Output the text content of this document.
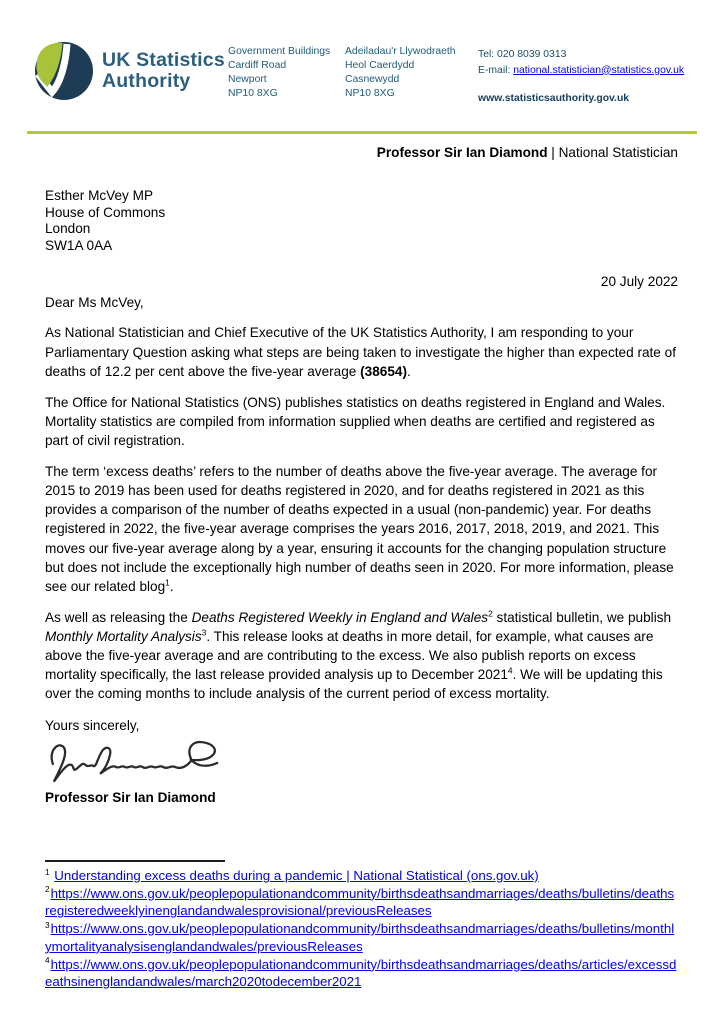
UK Statistics
Authority
Government Buildings
Cardiff Road
Newport
NP10 8XG
Adeiladau'r Llywodraeth
Heol Caerdydd
Casnewydd
NP10 8XG
Tel: 020 8039 0313
E-mail: national.statistician@statistics.gov.uk
www.statisticsauthority.gov.uk
Professor Sir Ian Diamond | National Statistician
Esther McVey MP
House of Commons
London
SW1A 0AA
20 July 2022
Dear Ms McVey,

As National Statistician and Chief Executive of the UK Statistics Authority, I am responding to your Parliamentary Question asking what steps are being taken to investigate the higher than expected rate of deaths of 12.2 per cent above the five-year average (38654).

The Office for National Statistics (ONS) publishes statistics on deaths registered in England and Wales. Mortality statistics are compiled from information supplied when deaths are certified and registered as part of civil registration.

The term ‘excess deaths’ refers to the number of deaths above the five-year average. The average for 2015 to 2019 has been used for deaths registered in 2020, and for deaths registered in 2021 as this provides a comparison of the number of deaths expected in a usual (non-pandemic) year. For deaths registered in 2022, the five-year average comprises the years 2016, 2017, 2018, 2019, and 2021. This moves our five-year average along by a year, ensuring it accounts for the changing population structure but does not include the exceptionally high number of deaths seen in 2020. For more information, please see our related blog$^1$.

As well as releasing the Deaths Registered Weekly in England and Wales$^2$ statistical bulletin, we publish Monthly Mortality Analysis$^3$. This release looks at deaths in more detail, for example, what causes are above the five-year average and are contributing to the excess. We also publish reports on excess mortality specifically, the last release provided analysis up to December 2021$^4$. We will be updating this over the coming months to include analysis of the current period of excess mortality.

Yours sincerely,
Professor Sir Ian Diamond
$^1$ Understanding excess deaths during a pandemic | National Statistical (ons.gov.uk)
$^2$https://www.ons.gov.uk/peoplepopulationandcommunity/birthsdeathsandmarriages/deaths/bulletins/deathsregisteredweeklyinenglandandwalesprovisional/previousReleases
$^3$https://www.ons.gov.uk/peoplepopulationandcommunity/birthsdeathsandmarriages/deaths/bulletins/monthlymortalityanalysisenglandandwales/previousReleases
$^4$https://www.ons.gov.uk/peoplepopulationandcommunity/birthsdeathsandmarriages/deaths/articles/excessdeathsinenglandandwales/march2020todecember2021
